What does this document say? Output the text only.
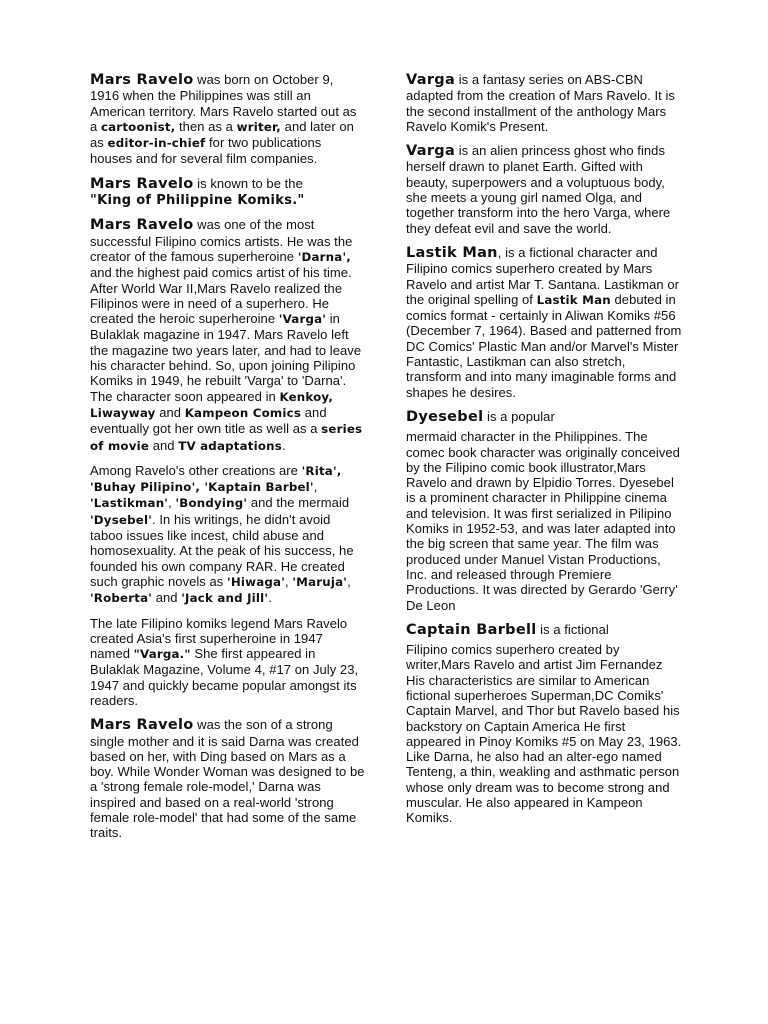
Mars Ravelo was born on October 9, 1916 when the Philippines was still an American territory. Mars Ravelo started out as a cartoonist, then as a writer, and later on as editor-in-chief for two publications houses and for several film companies.

Mars Ravelo is known to be the
"King of Philippine Komiks."

Mars Ravelo was one of the most successful Filipino comics artists. He was the creator of the famous superheroine 'Darna', and the highest paid comics artist of his time. After World War II,Mars Ravelo realized the Filipinos were in need of a superhero. He created the heroic superheroine 'Varga' in Bulaklak magazine in 1947. Mars Ravelo left the magazine two years later, and had to leave his character behind. So, upon joining Pilipino Komiks in 1949, he rebuilt 'Varga' to 'Darna'. The character soon appeared in Kenkoy, Liwayway and Kampeon Comics and eventually got her own title as well as a series of movie and TV adaptations.

Among Ravelo's other creations are 'Rita', 'Buhay Pilipino', 'Kaptain Barbel', 'Lastikman', 'Bondying' and the mermaid 'Dysebel'. In his writings, he didn't avoid taboo issues like incest, child abuse and homosexuality. At the peak of his success, he founded his own company RAR. He created such graphic novels as 'Hiwaga', 'Maruja', 'Roberta' and 'Jack and Jill'.

The late Filipino komiks legend Mars Ravelo created Asia's first superheroine in 1947 named "Varga." She first appeared in Bulaklak Magazine, Volume 4, #17 on July 23, 1947 and quickly became popular amongst its readers.

Mars Ravelo was the son of a strong single mother and it is said Darna was created based on her, with Ding based on Mars as a boy. While Wonder Woman was designed to be a 'strong female role-model,' Darna was inspired and based on a real-world 'strong female role-model' that had some of the same traits.

Varga is a fantasy series on ABS-CBN adapted from the creation of Mars Ravelo. It is the second installment of the anthology Mars Ravelo Komik's Present.

Varga is an alien princess ghost who finds herself drawn to planet Earth. Gifted with beauty, superpowers and a voluptuous body, she meets a young girl named Olga, and together transform into the hero Varga, where they defeat evil and save the world.

Lastik Man, is a fictional character and Filipino comics superhero created by Mars Ravelo and artist Mar T. Santana. Lastikman or the original spelling of Lastik Man debuted in comics format - certainly in Aliwan Komiks #56 (December 7, 1964). Based and patterned from DC Comics' Plastic Man and/or Marvel's Mister Fantastic, Lastikman can also stretch, transform and into many imaginable forms and shapes he desires.

Dyesebel is a popular
mermaid character in the Philippines. The comec book character was originally conceived by the Filipino comic book illustrator,Mars Ravelo and drawn by Elpidio Torres. Dyesebel is a prominent character in Philippine cinema and television. It was first serialized in Pilipino Komiks in 1952-53, and was later adapted into the big screen that same year. The film was produced under Manuel Vistan Productions, Inc. and released through Premiere Productions. It was directed by Gerardo 'Gerry' De Leon

Captain Barbell is a fictional
Filipino comics superhero created by writer,Mars Ravelo and artist Jim Fernandez His characteristics are similar to American fictional superheroes Superman,DC Comiks' Captain Marvel, and Thor but Ravelo based his backstory on Captain America He first appeared in Pinoy Komiks #5 on May 23, 1963. Like Darna, he also had an alter-ego named Tenteng, a thin, weakling and asthmatic person whose only dream was to become strong and muscular. He also appeared in Kampeon Komiks.
